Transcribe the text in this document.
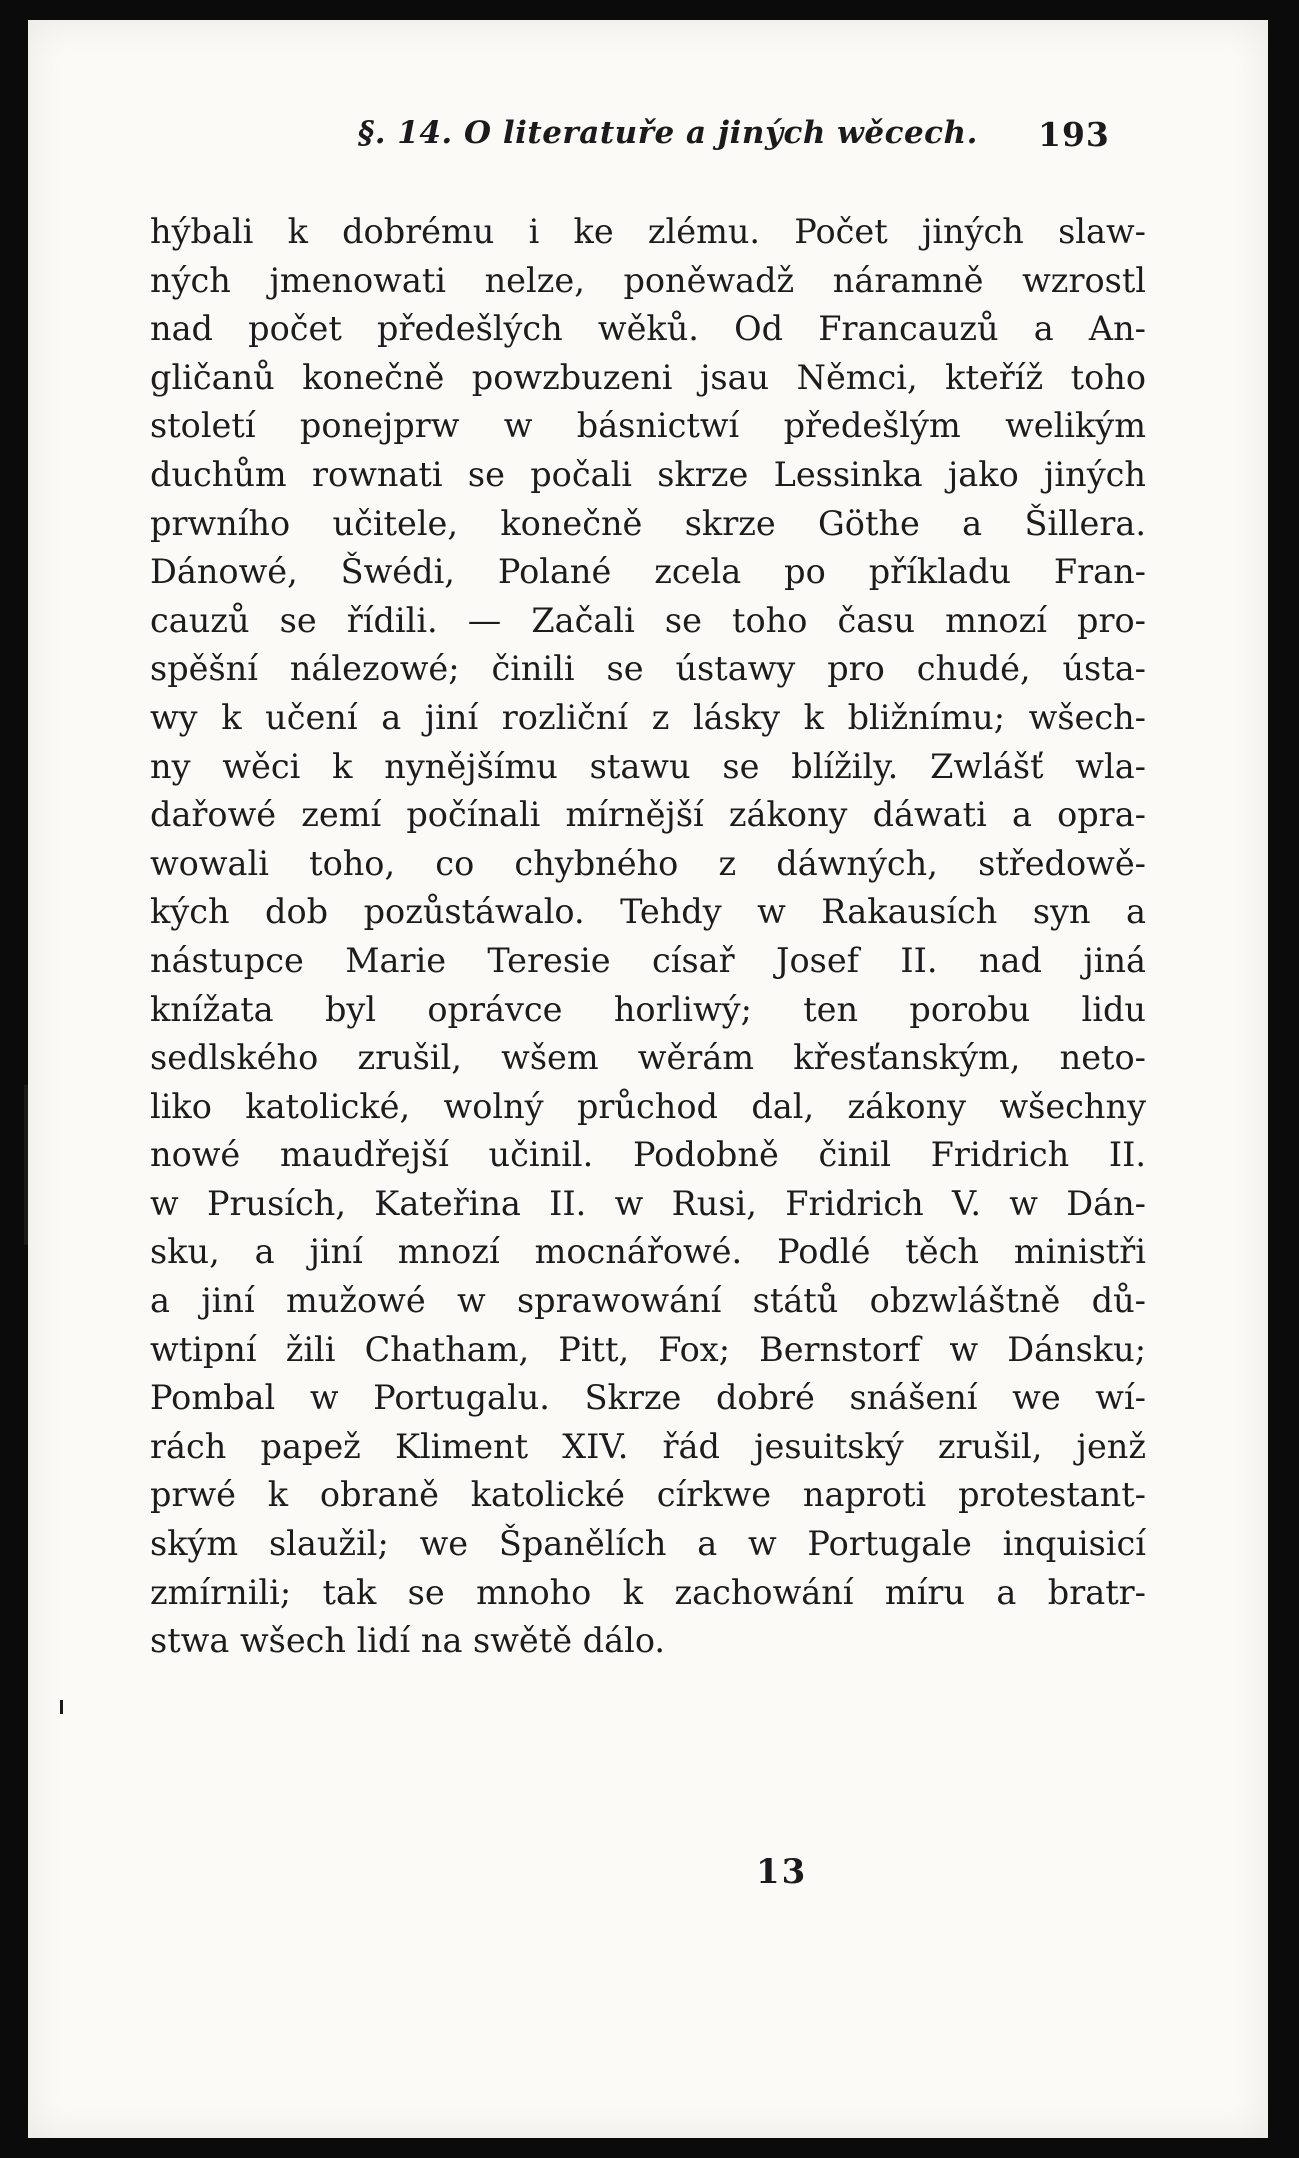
§. 14. O literatuře a jiných wěcech. 193
hýbali k dobrému i ke zlému. Počet jiných slaw-
ných jmenowati nelze, poněwadž náramně wzrostl
nad počet předešlých wěků. Od Francauzů a An-
gličanů konečně powzbuzeni jsau Němci, kteříž toho
století ponejprw w básnictwí předešlým welikým
duchům rownati se počali skrze Lessinka jako jiných
prwního učitele, konečně skrze Göthe a Šillera.
Dánowé, Šwédi, Polané zcela po příkladu Fran-
cauzů se řídili. — Začali se toho času mnozí pro-
spěšní nálezowé; činili se ústawy pro chudé, ústa-
wy k učení a jiní rozliční z lásky k bližnímu; wšech-
ny wěci k nynějšímu stawu se blížily. Zwlášť wla-
dařowé zemí počínali mírnější zákony dáwati a opra-
wowali toho, co chybného z dáwných, středowě-
kých dob pozůstáwalo. Tehdy w Rakausích syn a
nástupce Marie Teresie císař Josef II. nad jiná
knížata byl oprávce horliwý; ten porobu lidu
sedlského zrušil, wšem wěrám křesťanským, neto-
liko katolické, wolný průchod dal, zákony wšechny
nowé maudřejší učinil. Podobně činil Fridrich II.
w Prusích, Kateřina II. w Rusi, Fridrich V. w Dán-
sku, a jiní mnozí mocnářowé. Podlé těch ministři
a jiní mužowé w sprawowání států obzwláštně dů-
wtipní žili Chatham, Pitt, Fox; Bernstorf w Dánsku;
Pombal w Portugalu. Skrze dobré snášení we wí-
rách papež Kliment XIV. řád jesuitský zrušil, jenž
prwé k obraně katolické církwe naproti protestant-
ským slaužil; we Španělích a w Portugale inquisicí
zmírnili; tak se mnoho k zachowání míru a bratr-
stwa wšech lidí na swětě dálo.
13
